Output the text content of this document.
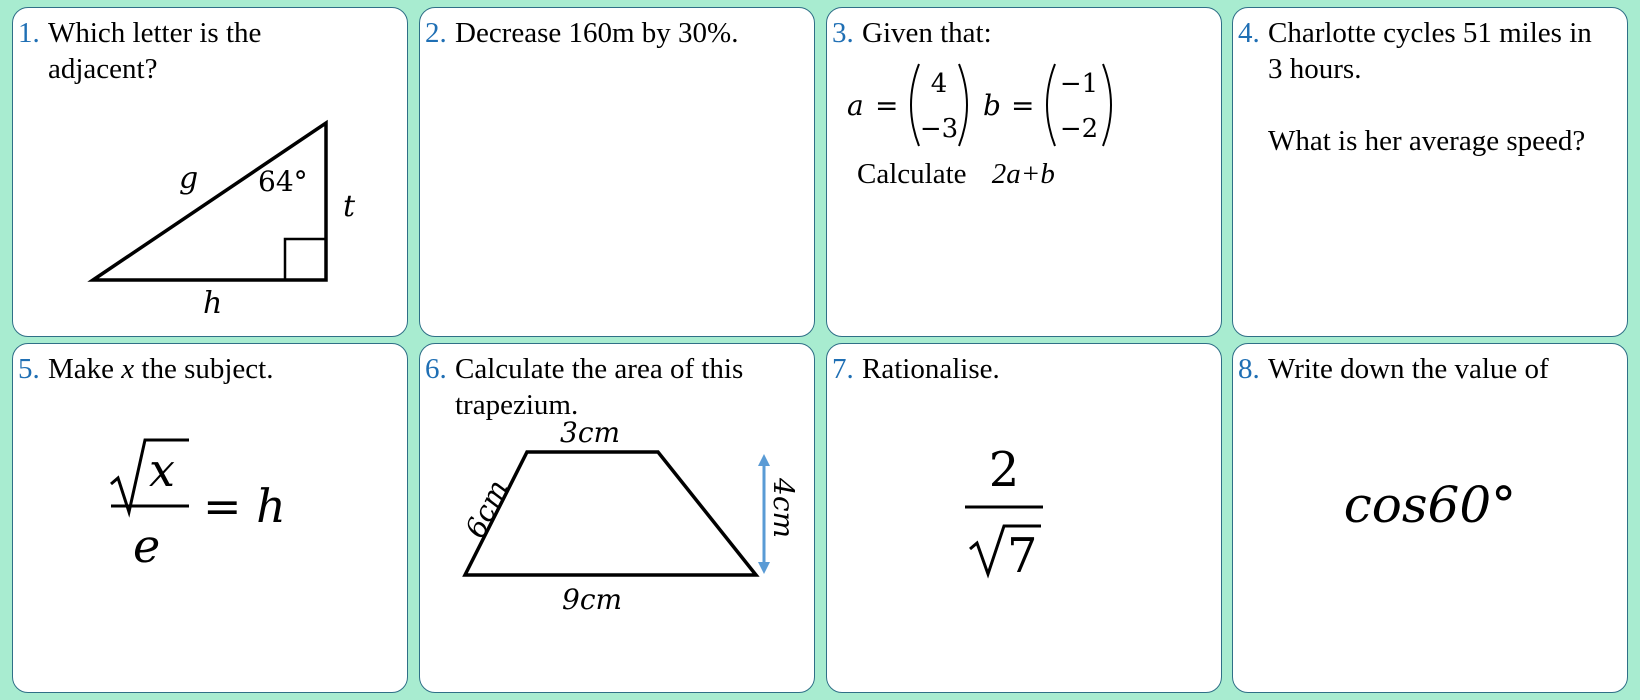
1. Which letter is the
adjacent?
g 64°
t
h
2. Decrease 160m by 30%.	3. Given that:
a =
4
−3
b =
−1
−2
Calculate 2a+b
4. Charlotte cycles 51 miles in
3 hours.

What is her average speed?
5. Make x the subject.
x
e
= h
6. Calculate the area of this
trapezium.
3cm
6cm
9cm
4cm
7. Rationalise.
2
7
8. Write down the value of
cos60°
